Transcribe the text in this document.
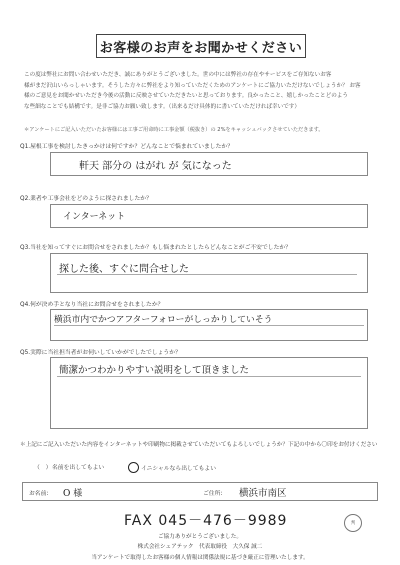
お客様のお声をお聞かせください
この度は弊社にお問い合わせいただき、誠にありがとうございました。世の中には弊社の存在やサービスをご存知ないお客
様がまだ沢山いらっしゃいます。そうした方々に弊社をより知っていただくためのアンケートにご協力いただけないでしょうか？ お客
様のご意見をお聞かせいただき今後の活動に反映させていただきたいと思っております。良かったこと、嬉しかったことどのよう
な些細なことでも結構です。是非ご協力お願い致します。（出来るだけ具体的に書いていただければ幸いです）
＊アンケートにご記入いただいたお客様には工事ご用命時に工事金額（税抜き）の 2%をキャッシュバックさせていただきます。
Q1.屋根工事を検討したきっかけは何ですか？どんなことで悩まれていましたか？
軒天 部分の はがれ が 気になった
Q2.業者や工事会社をどのように探されましたか？
インターネット
Q3.当社を知ってすぐにお問合せをされましたか？もし悩まれたとしたらどんなことがご不安でしたか？
探した後、すぐに問合せした
Q4.何が決め手となり当社にお問合せをされましたか？
横浜市内でかつアフターフォローがしっかりしていそう
Q5.実際に当社担当者がお伺いしていかがでしたでしょうか？
簡潔かつわかりやすい説明をして頂きました
＊上記にご記入いただいた内容をインターネットや印刷物に掲載させていただいてもよろしいでしょうか？下記の中から〇印をお付けください
（　） 名前を出してもよい	イニシャルなら出してもよい
お名前: O 様	ご住所: 横浜市南区
FAX 045－476－9989	判
ご協力ありがとうございました。
株式会社シェアテック　代表取締役　大久保 誠二
当アンケートで取得したお客様の個人情報は関係法規に基づき厳正に管理いたします。
